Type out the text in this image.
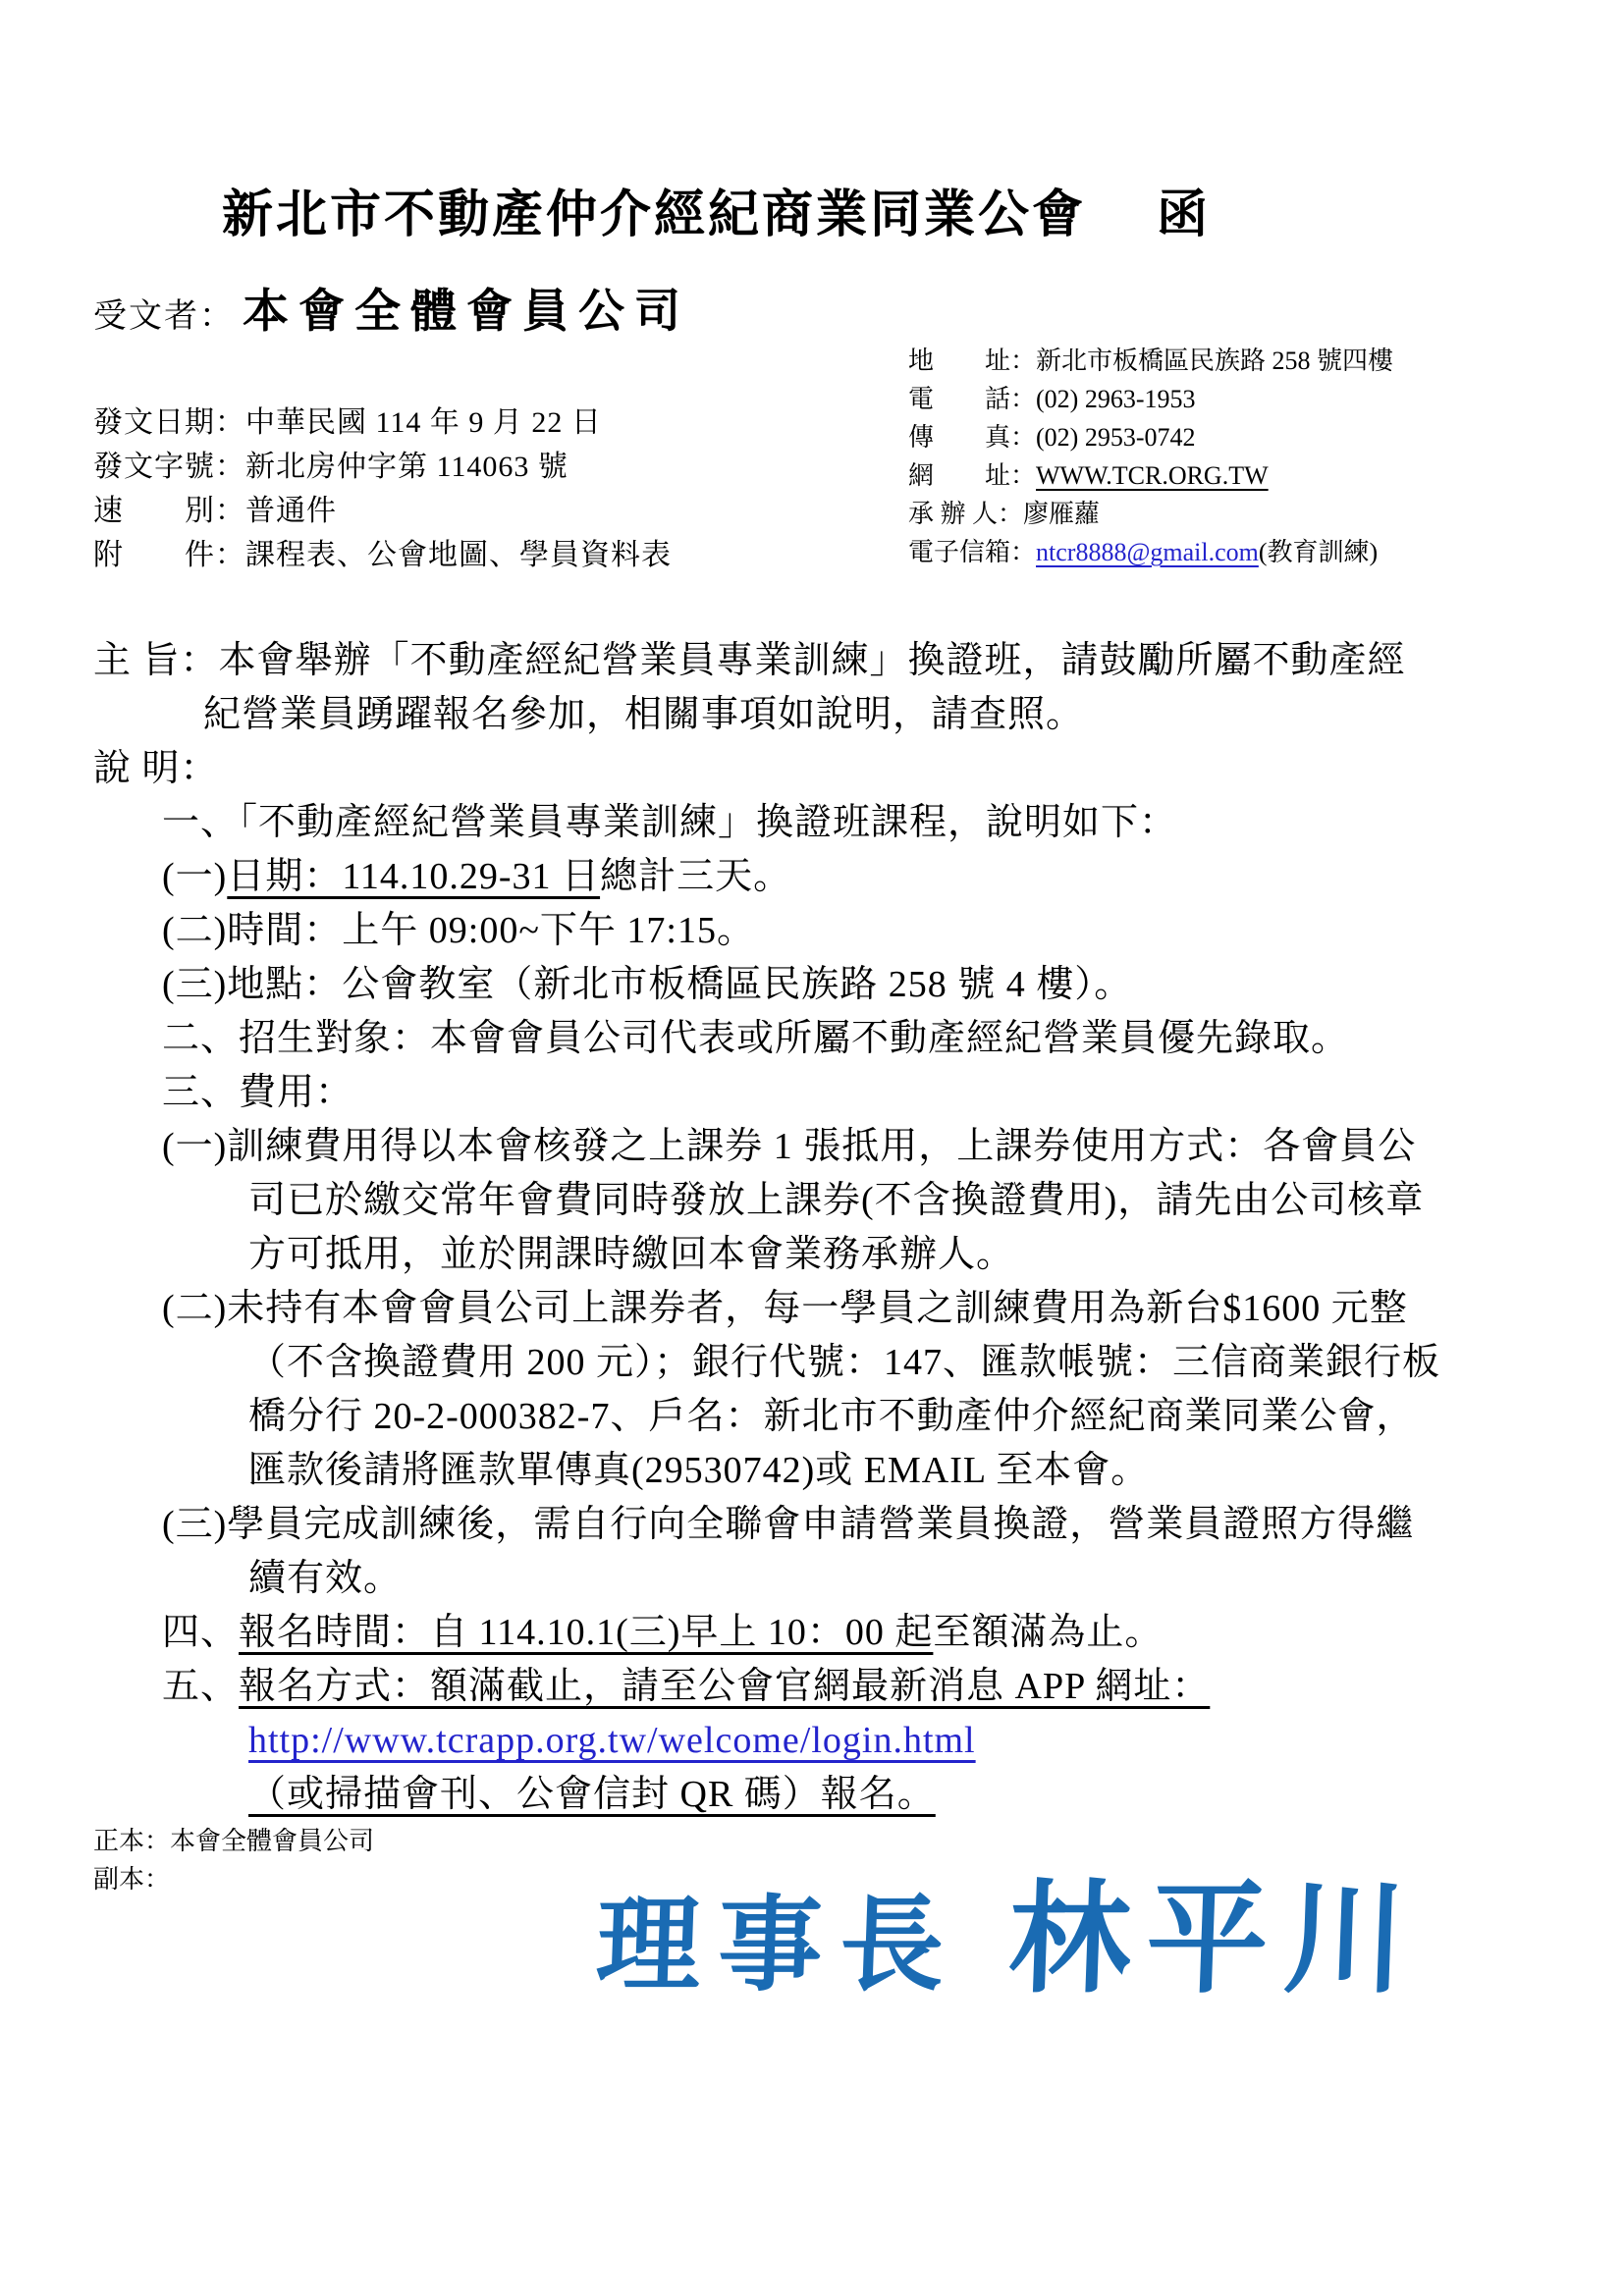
新北市不動產仲介經紀商業同業公會 函
受文者： 本會全體會員公司
地　　址：新北市板橋區民族路 258 號四樓
電　　話：(02) 2963-1953
傳　　真：(02) 2953-0742
網　　址：WWW.TCR.ORG.TW
承 辦 人：廖雁蘿
電子信箱：ntcr8888@gmail.com(教育訓練)
發文日期：中華民國 114 年 9 月 22 日
發文字號：新北房仲字第 114063 號
速　　別：普通件
附　　件：課程表、公會地圖、學員資料表
主 旨：本會舉辦「不動產經紀營業員專業訓練」換證班，請鼓勵所屬不動產經
紀營業員踴躍報名參加，相關事項如說明，請查照。
說 明：
一、「不動產經紀營業員專業訓練」換證班課程，說明如下：
(一)日期：114.10.29-31 日總計三天。
(二)時間：上午 09:00~下午 17:15。
(三)地點：公會教室（新北市板橋區民族路 258 號 4 樓）。
二、招生對象：本會會員公司代表或所屬不動產經紀營業員優先錄取。
三、費用：
(一)訓練費用得以本會核發之上課券 1 張抵用，上課券使用方式：各會員公
司已於繳交常年會費同時發放上課券(不含換證費用)，請先由公司核章
方可抵用，並於開課時繳回本會業務承辦人。
(二)未持有本會會員公司上課券者，每一學員之訓練費用為新台$1600 元整
（不含換證費用 200 元）；銀行代號：147、匯款帳號：三信商業銀行板
橋分行 20-2-000382-7、戶名：新北市不動產仲介經紀商業同業公會，
匯款後請將匯款單傳真(29530742)或 EMAIL 至本會。
(三)學員完成訓練後，需自行向全聯會申請營業員換證，營業員證照方得繼
續有效。
四、報名時間：自 114.10.1(三)早上 10：00 起至額滿為止。
五、報名方式：額滿截止，請至公會官網最新消息 APP 網址：
http://www.tcrapp.org.tw/welcome/login.html
（或掃描會刊、公會信封 QR 碼）報名。
正本：本會全體會員公司
副本：
理事長 林平川
